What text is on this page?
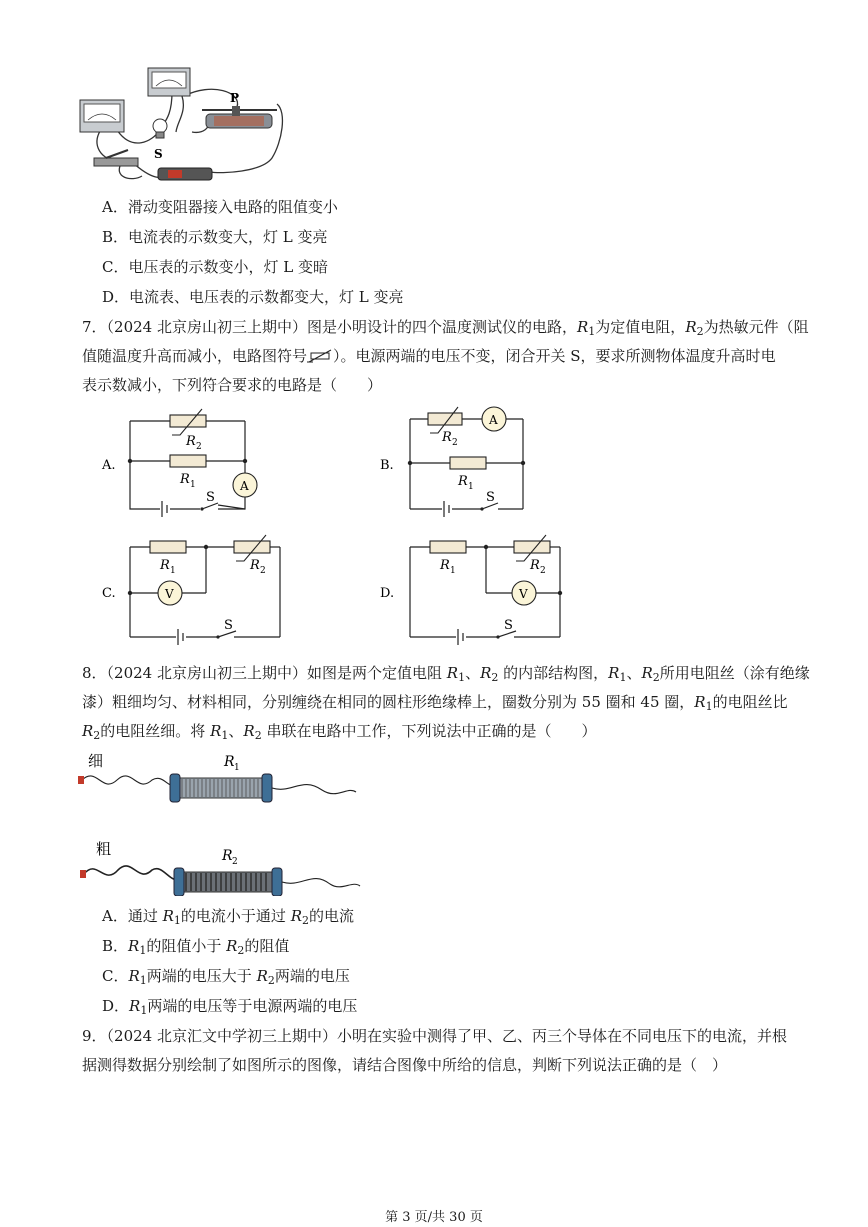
P
S
A．滑动变阻器接入电路的阻值变小
B．电流表的示数变大，灯 L 变亮
C．电压表的示数变小，灯 L 变暗
D．电流表、电压表的示数都变大，灯 L 变亮
7．（2024 北京房山初三上期中）图是小明设计的四个温度测试仪的电路，$R_1$为定值电阻，$R_2$为热敏元件（阻
值随温度升高而减小，电路图符号 ）。电源两端的电压不变，闭合开关 S，要求所测物体温度升高时电
表示数减小，下列符合要求的电路是（　　）
A.	B.
C.	D.
R 2
R 1
S
A
R 2
R 1
S
A
R 1	R 2
S
V
R 1	R 2
S
V
8．（2024 北京房山初三上期中）如图是两个定值电阻 $R_1$、$R_2$ 的内部结构图，$R_1$、$R_2$所用电阻丝（涂有绝缘
漆）粗细均匀、材料相同，分别缠绕在相同的圆柱形绝缘棒上，圈数分别为 55 圈和 45 圈，$R_1$的电阻丝比
$R_2$的电阻丝细。将 $R_1$、$R_2$ 串联在电路中工作，下列说法中正确的是（　　）
细	R 1
粗	R 2
A．通过 $R_1$的电流小于通过 $R_2$的电流
B．$R_1$的阻值小于 $R_2$的阻值
C．$R_1$两端的电压大于 $R_2$两端的电压
D．$R_1$两端的电压等于电源两端的电压
9．（2024 北京汇文中学初三上期中）小明在实验中测得了甲、乙、丙三个导体在不同电压下的电流，并根
据测得数据分别绘制了如图所示的图像，请结合图像中所给的信息，判断下列说法正确的是（　）
第 3 页/共 30 页
